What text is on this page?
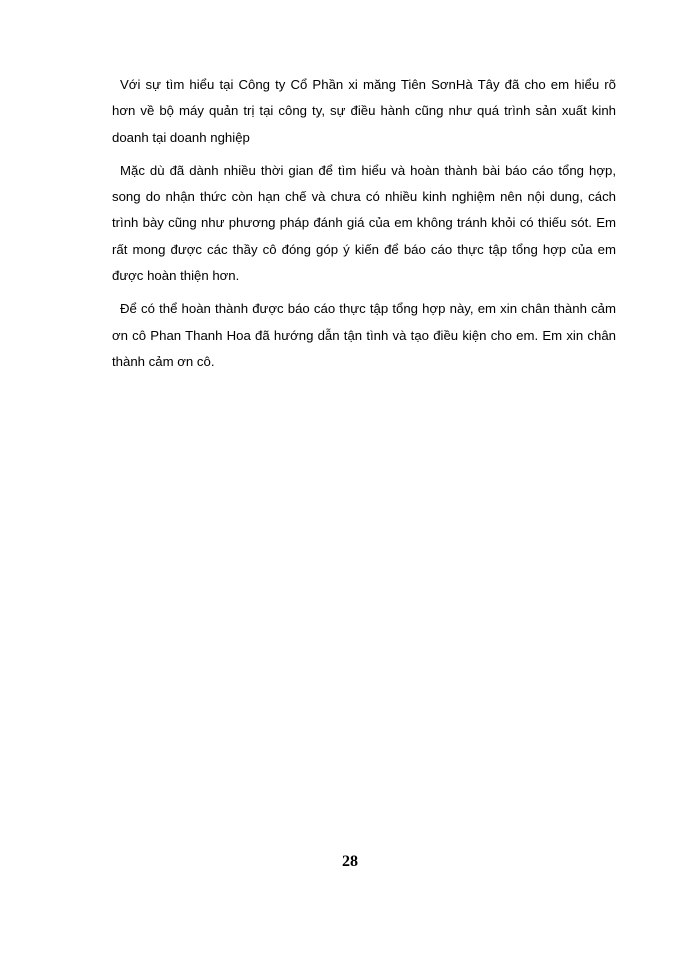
Với sự tìm hiểu tại Công ty Cổ Phần xi măng Tiên SơnHà Tây đã cho em hiểu rõ hơn về bộ máy quản trị tại công ty, sự điều hành cũng như quá trình sản xuất kinh doanh tại doanh nghiệp

Mặc dù đã dành nhiều thời gian để tìm hiểu và hoàn thành bài báo cáo tổng hợp, song do nhận thức còn hạn chế và chưa có nhiều kinh nghiệm nên nội dung, cách trình bày cũng như phương pháp đánh giá của em không tránh khỏi có thiếu sót. Em rất mong được các thầy cô đóng góp ý kiến để báo cáo thực tập tổng hợp của em được hoàn thiện hơn.

Để có thể hoàn thành được báo cáo thực tập tổng hợp này, em xin chân thành cảm ơn cô Phan Thanh Hoa đã hướng dẫn tận tình và tạo điều kiện cho em. Em xin chân thành cảm ơn cô.

28
